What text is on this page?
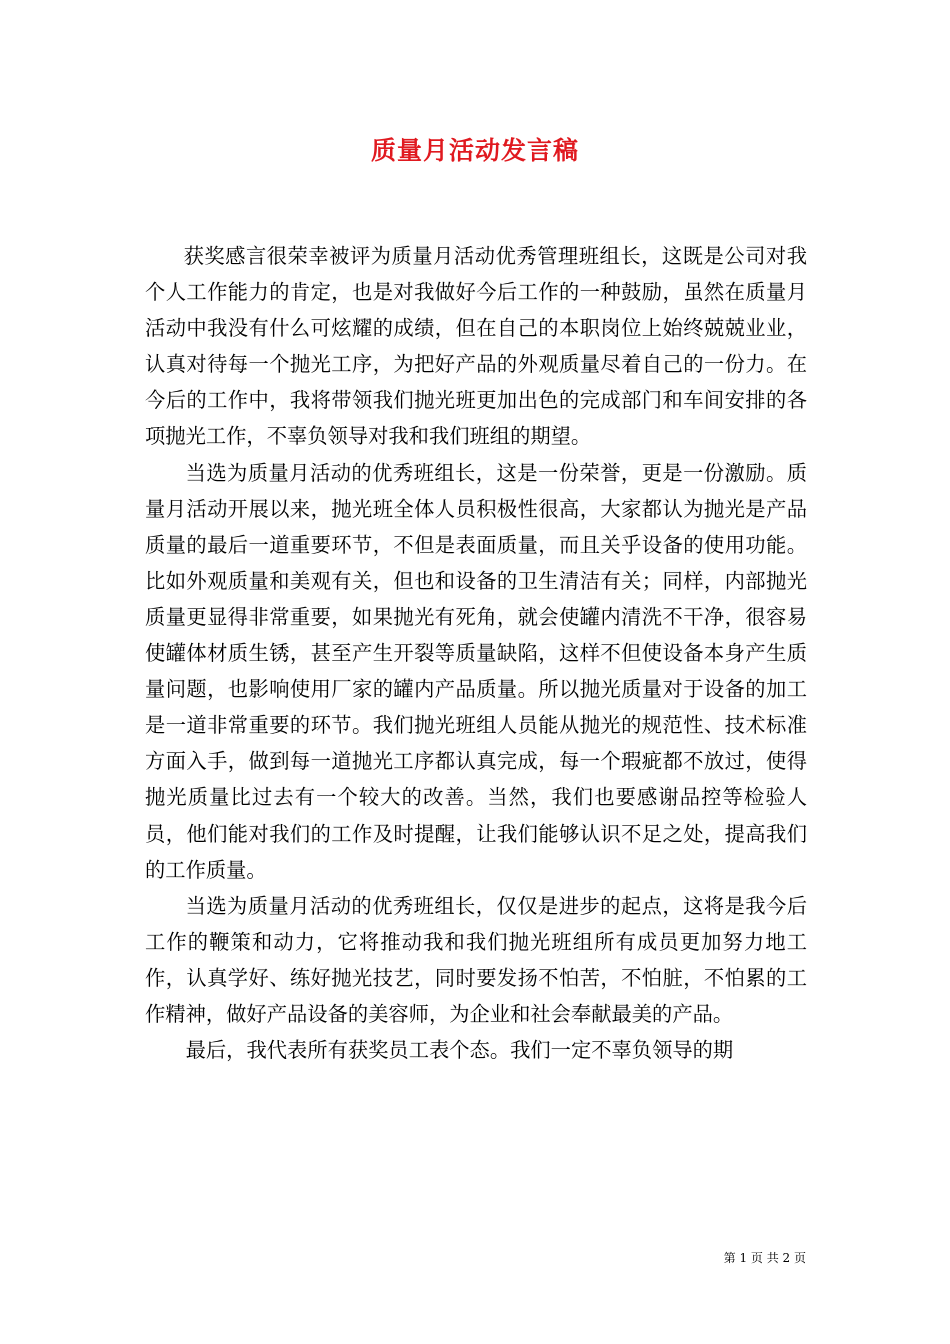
质量月活动发言稿

获奖感言很荣幸被评为质量月活动优秀管理班组长，这既是公司对我个人工作能力的肯定，也是对我做好今后工作的一种鼓励，虽然在质量月活动中我没有什么可炫耀的成绩，但在自己的本职岗位上始终兢兢业业，认真对待每一个抛光工序，为把好产品的外观质量尽着自己的一份力。在今后的工作中，我将带领我们抛光班更加出色的完成部门和车间安排的各项抛光工作，不辜负领导对我和我们班组的期望。

当选为质量月活动的优秀班组长，这是一份荣誉，更是一份激励。质量月活动开展以来，抛光班全体人员积极性很高，大家都认为抛光是产品质量的最后一道重要环节，不但是表面质量，而且关乎设备的使用功能。比如外观质量和美观有关，但也和设备的卫生清洁有关；同样，内部抛光质量更显得非常重要，如果抛光有死角，就会使罐内清洗不干净，很容易使罐体材质生锈，甚至产生开裂等质量缺陷，这样不但使设备本身产生质量问题，也影响使用厂家的罐内产品质量。所以抛光质量对于设备的加工是一道非常重要的环节。我们抛光班组人员能从抛光的规范性、技术标准方面入手，做到每一道抛光工序都认真完成，每一个瑕疵都不放过，使得抛光质量比过去有一个较大的改善。当然，我们也要感谢品控等检验人员，他们能对我们的工作及时提醒，让我们能够认识不足之处，提高我们的工作质量。

当选为质量月活动的优秀班组长，仅仅是进步的起点，这将是我今后工作的鞭策和动力，它将推动我和我们抛光班组所有成员更加努力地工作，认真学好、练好抛光技艺，同时要发扬不怕苦，不怕脏，不怕累的工作精神，做好产品设备的美容师，为企业和社会奉献最美的产品。

最后，我代表所有获奖员工表个态。我们一定不辜负领导的期

第 1 页 共 2 页
